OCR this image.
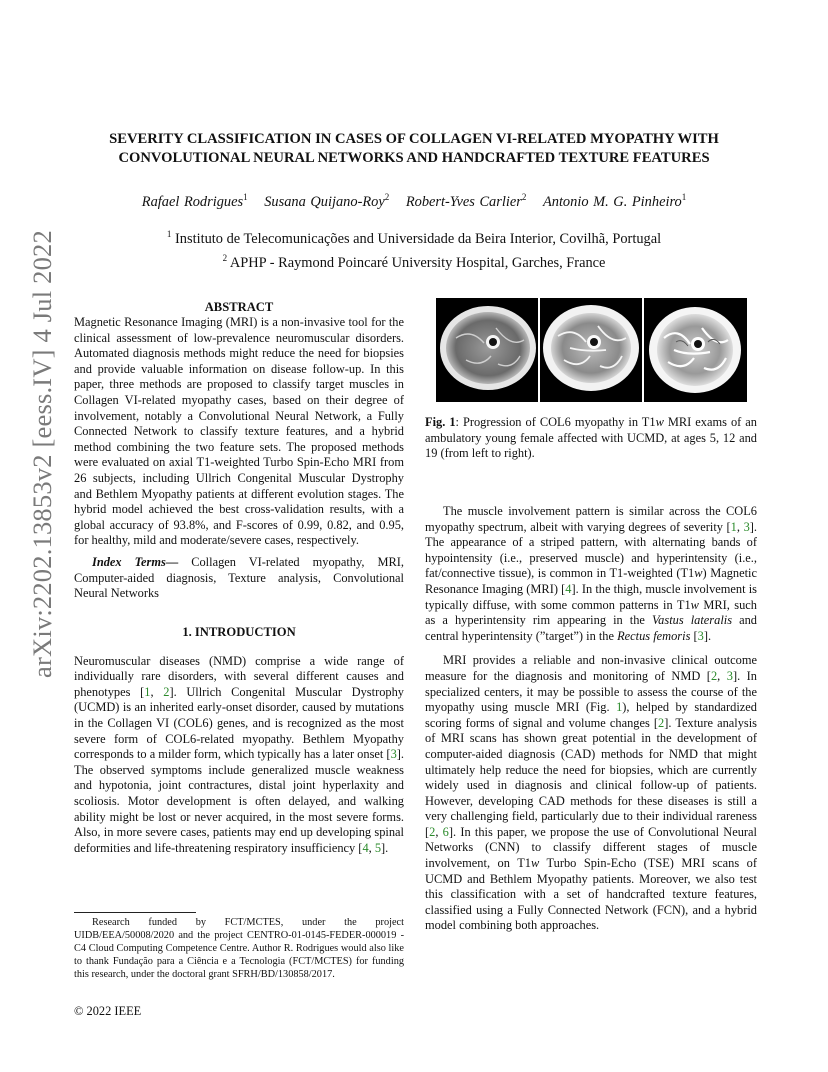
SEVERITY CLASSIFICATION IN CASES OF COLLAGEN VI-RELATED MYOPATHY WITH
CONVOLUTIONAL NEURAL NETWORKS AND HANDCRAFTED TEXTURE FEATURES
Rafael Rodrigues$^1$ Susana Quijano-Roy$^2$ Robert-Yves Carlier$^2$ Antonio M. G. Pinheiro$^1$
$^1$ Instituto de Telecomunicações and Universidade da Beira Interior, Covilhã, Portugal
$^2$ APHP - Raymond Poincaré University Hospital, Garches, France
arXiv:2202.13853v2 [eess.IV] 4 Jul 2022	ABSTRACT

Magnetic Resonance Imaging (MRI) is a non-invasive tool for the clinical assessment of low-prevalence neuromuscular disorders. Automated diagnosis methods might reduce the need for biopsies and provide valuable information on disease follow-up. In this paper, three methods are proposed to classify target muscles in Collagen VI-related myopathy cases, based on their degree of involvement, notably a Convolutional Neural Network, a Fully Connected Network to classify texture features, and a hybrid method combining the two feature sets. The proposed methods were evaluated on axial T1-weighted Turbo Spin-Echo MRI from 26 subjects, including Ullrich Congenital Muscular Dystrophy and Bethlem Myopathy patients at different evolution stages. The hybrid model achieved the best cross-validation results, with a global accuracy of 93.8%, and F-scores of 0.99, 0.82, and 0.95, for healthy, mild and moderate/severe cases, respectively.

Index Terms— Collagen VI-related myopathy, MRI, Computer-aided diagnosis, Texture analysis, Convolutional Neural Networks

1. INTRODUCTION

Neuromuscular diseases (NMD) comprise a wide range of individually rare disorders, with several different causes and phenotypes [1, 2]. Ullrich Congenital Muscular Dystrophy (UCMD) is an inherited early-onset disorder, caused by mutations in the Collagen VI (COL6) genes, and is recognized as the most severe form of COL6-related myopathy. Bethlem Myopathy corresponds to a milder form, which typically has a later onset [3]. The observed symptoms include generalized muscle weakness and hypotonia, joint contractures, distal joint hyperlaxity and scoliosis. Motor development is often delayed, and walking ability might be lost or never acquired, in the most severe forms. Also, in more severe cases, patients may end up developing spinal deformities and life-threatening respiratory insufficiency [4, 5].

Research funded by FCT/MCTES, under the project UIDB/EEA/50008/2020 and the project CENTRO-01-0145-FEDER-000019 - C4 Cloud Computing Competence Centre. Author R. Rodrigues would also like to thank Fundação para a Ciência e a Tecnologia (FCT/MCTES) for funding this research, under the doctoral grant SFRH/BD/130858/2017.
© 2022 IEEE

Fig. 1: Progression of COL6 myopathy in T1w MRI exams of an ambulatory young female affected with UCMD, at ages 5, 12 and 19 (from left to right).

The muscle involvement pattern is similar across the COL6 myopathy spectrum, albeit with varying degrees of severity [1, 3]. The appearance of a striped pattern, with alternating bands of hypointensity (i.e., preserved muscle) and hyperintensity (i.e., fat/connective tissue), is common in T1-weighted (T1w) Magnetic Resonance Imaging (MRI) [4]. In the thigh, muscle involvement is typically diffuse, with some common patterns in T1w MRI, such as a hyperintensity rim appearing in the Vastus lateralis and central hyperintensity (”target”) in the Rectus femoris [3].

MRI provides a reliable and non-invasive clinical outcome measure for the diagnosis and monitoring of NMD [2, 3]. In specialized centers, it may be possible to assess the course of the myopathy using muscle MRI (Fig. 1), helped by standardized scoring forms of signal and volume changes [2]. Texture analysis of MRI scans has shown great potential in the development of computer-aided diagnosis (CAD) methods for NMD that might ultimately help reduce the need for biopsies, which are currently widely used in diagnosis and clinical follow-up of patients. However, developing CAD methods for these diseases is still a very challenging field, particularly due to their individual rareness [2, 6]. In this paper, we propose the use of Convolutional Neural Networks (CNN) to classify different stages of muscle involvement, on T1w Turbo Spin-Echo (TSE) MRI scans of UCMD and Bethlem Myopathy patients. Moreover, we also test this classification with a set of handcrafted texture features, classified using a Fully Connected Network (FCN), and a hybrid model combining both approaches.
